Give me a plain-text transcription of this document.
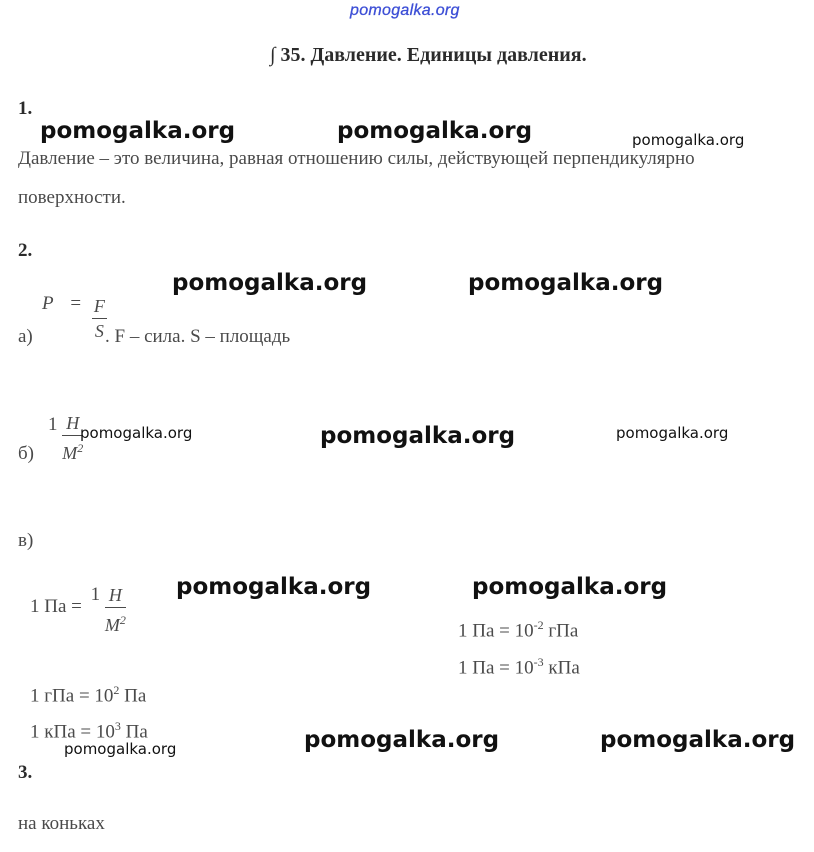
pomogalka.org
∫ 35. Давление. Единицы давления.
1.
Давление – это величина, равная отношению силы, действующей перпендикулярно
поверхности.
2.
а)
$P = \frac{F}{S}$
. F – сила. S – площадь
б)
$1 \frac{Н}{М^2}$
в)
1 Па = $1 \frac{Н}{М^2}$
1 гПа = $10^2$ Па
1 кПа = $10^3$ Па
1 Па = $10^{-2}$ гПа
1 Па = $10^{-3}$ кПа
3.
на коньках
pomogalka.org	pomogalka.org	pomogalka.org
pomogalka.org	pomogalka.org
pomogalka.org	pomogalka.org	pomogalka.org
pomogalka.org	pomogalka.org
pomogalka.org	pomogalka.org	pomogalka.org
